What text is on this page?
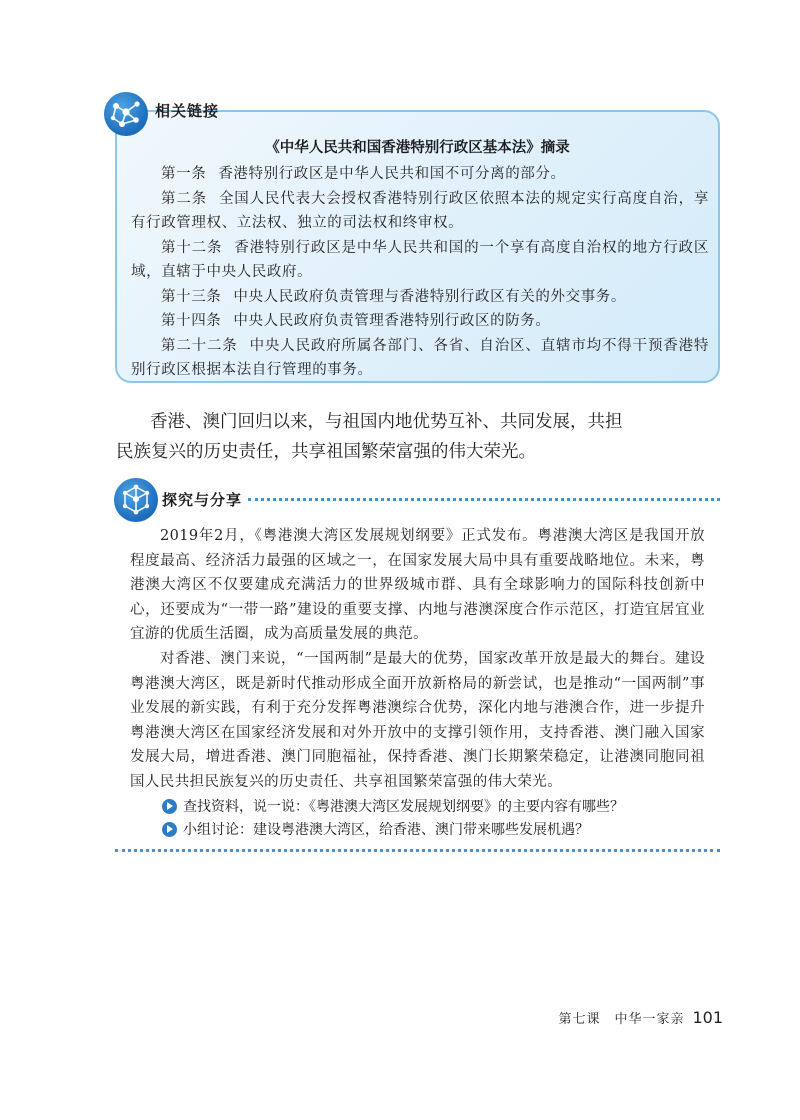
《中华人民共和国香港特别行政区基本法》摘录
第一条 香港特别行政区是中华人民共和国不可分离的部分。
第二条 全国人民代表大会授权香港特别行政区依照本法的规定实行高度自治，享有行政管理权、立法权、独立的司法权和终审权。
第十二条 香港特别行政区是中华人民共和国的一个享有高度自治权的地方行政区域，直辖于中央人民政府。
第十三条 中央人民政府负责管理与香港特别行政区有关的外交事务。
第十四条 中央人民政府负责管理香港特别行政区的防务。
第二十二条 中央人民政府所属各部门、各省、自治区、直辖市均不得干预香港特别行政区根据本法自行管理的事务。
相关链接
香港、澳门回归以来，与祖国内地优势互补、共同发展，共担民族复兴的历史责任，共享祖国繁荣富强的伟大荣光。
探究与分享

2019年2月，《粤港澳大湾区发展规划纲要》正式发布。粤港澳大湾区是我国开放程度最高、经济活力最强的区域之一，在国家发展大局中具有重要战略地位。未来，粤港澳大湾区不仅要建成充满活力的世界级城市群、具有全球影响力的国际科技创新中心，还要成为“一带一路”建设的重要支撑、内地与港澳深度合作示范区，打造宜居宜业宜游的优质生活圈，成为高质量发展的典范。

对香港、澳门来说，“一国两制”是最大的优势，国家改革开放是最大的舞台。建设粤港澳大湾区，既是新时代推动形成全面开放新格局的新尝试，也是推动“一国两制”事业发展的新实践，有利于充分发挥粤港澳综合优势，深化内地与港澳合作，进一步提升粤港澳大湾区在国家经济发展和对外开放中的支撑引领作用，支持香港、澳门融入国家发展大局，增进香港、澳门同胞福祉，保持香港、澳门长期繁荣稳定，让港澳同胞同祖国人民共担民族复兴的历史责任、共享祖国繁荣富强的伟大荣光。

查找资料，说一说：《粤港澳大湾区发展规划纲要》的主要内容有哪些？
小组讨论：建设粤港澳大湾区，给香港、澳门带来哪些发展机遇？
第七课　中华一家亲 101
